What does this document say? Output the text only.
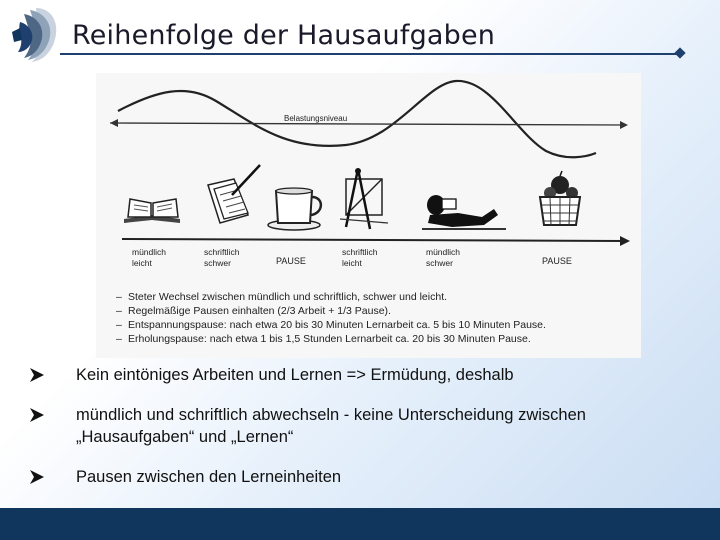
Reihenfolge der Hausaufgaben
Belastungsniveau
mündlich
leicht
schriftlich
schwer	PAUSE
schriftlich
leicht
mündlich
schwer	PAUSE
– Steter Wechsel zwischen mündlich und schriftlich, schwer und leicht.
– Regelmäßige Pausen einhalten (2/3 Arbeit + 1/3 Pause).
– Entspannungspause: nach etwa 20 bis 30 Minuten Lernarbeit ca. 5 bis 10 Minuten Pause.
– Erholungspause: nach etwa 1 bis 1,5 Stunden Lernarbeit ca. 20 bis 30 Minuten Pause.
Kein eintöniges Arbeiten und Lernen => Ermüdung, deshalb
mündlich und schriftlich abwechseln - keine Unterscheidung zwischen
„Hausaufgaben“ und „Lernen“
Pausen zwischen den Lerneinheiten
